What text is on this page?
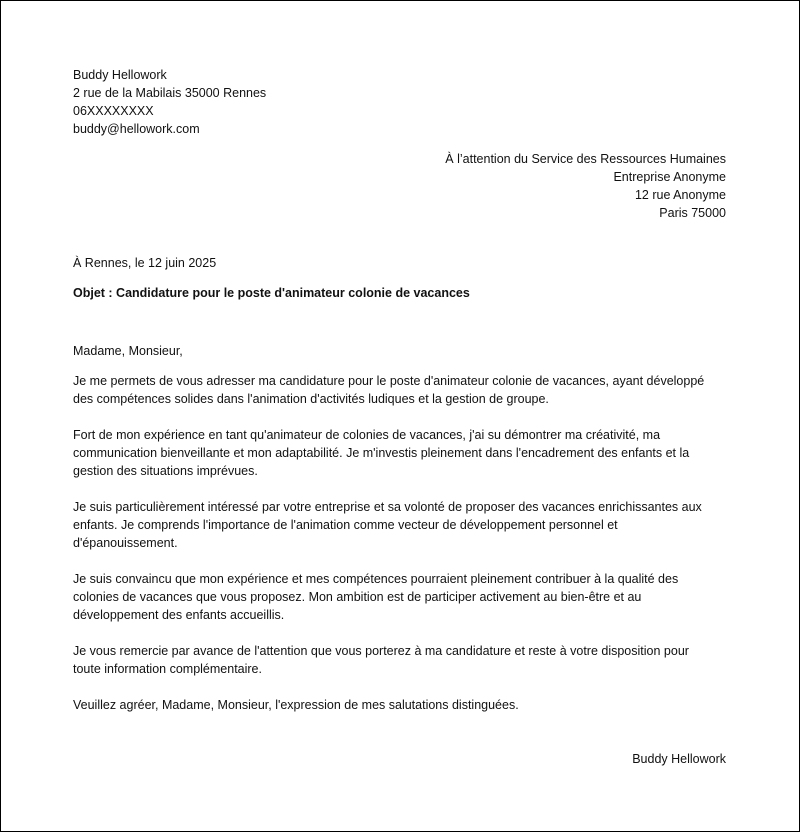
Buddy Hellowork
2 rue de la Mabilais 35000 Rennes
06XXXXXXXX
buddy@hellowork.com
À l’attention du Service des Ressources Humaines
Entreprise Anonyme
12 rue Anonyme
Paris 75000
À Rennes, le 12 juin 2025
Objet : Candidature pour le poste d'animateur colonie de vacances
Madame, Monsieur,
Je me permets de vous adresser ma candidature pour le poste d'animateur colonie de vacances, ayant développé
des compétences solides dans l'animation d'activités ludiques et la gestion de groupe.
Fort de mon expérience en tant qu'animateur de colonies de vacances, j'ai su démontrer ma créativité, ma
communication bienveillante et mon adaptabilité. Je m'investis pleinement dans l'encadrement des enfants et la
gestion des situations imprévues.
Je suis particulièrement intéressé par votre entreprise et sa volonté de proposer des vacances enrichissantes aux
enfants. Je comprends l'importance de l'animation comme vecteur de développement personnel et
d'épanouissement.
Je suis convaincu que mon expérience et mes compétences pourraient pleinement contribuer à la qualité des
colonies de vacances que vous proposez. Mon ambition est de participer activement au bien-être et au
développement des enfants accueillis.
Je vous remercie par avance de l'attention que vous porterez à ma candidature et reste à votre disposition pour
toute information complémentaire.
Veuillez agréer, Madame, Monsieur, l'expression de mes salutations distinguées.
Buddy Hellowork
